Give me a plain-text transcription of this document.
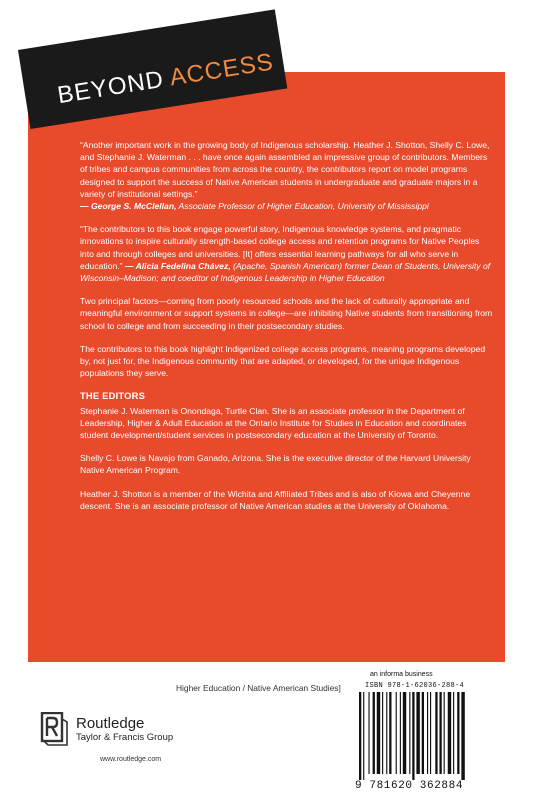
BEYOND ACCESS

“Another important work in the growing body of Indigenous scholarship. Heather J. Shotton, Shelly C. Lowe, and Stephanie J. Waterman . . . have once again assembled an impressive group of contributors. Members of tribes and campus communities from across the country, the contributors report on model programs designed to support the success of Native American students in undergraduate and graduate majors in a variety of institutional settings.”
— George S. McClellan, Associate Professor of Higher Education, University of Mississippi

“The contributors to this book engage powerful story, Indigenous knowledge systems, and pragmatic innovations to inspire culturally strength-based college access and retention programs for Native Peoples into and through colleges and universities. [It] offers essential learning pathways for all who serve in education.” — Alicia Fedelina Chávez, (Apache, Spanish American) former Dean of Students, University of Wisconsin–Madison; and coeditor of Indigenous Leadership in Higher Education

Two principal factors—coming from poorly resourced schools and the lack of culturally appropriate and meaningful environment or support systems in college—are inhibiting Native students from transitioning from school to college and from succeeding in their postsecondary studies.

The contributors to this book highlight Indigenized college access programs, meaning programs developed by, not just for, the Indigenous community that are adapted, or developed, for the unique Indigenous populations they serve.

THE EDITORS

Stephanie J. Waterman is Onondaga, Turtle Clan. She is an associate professor in the Department of Leadership, Higher & Adult Education at the Ontario Institute for Studies in Education and coordinates student development/student services in postsecondary education at the University of Toronto.

Shelly C. Lowe is Navajo from Ganado, Arizona. She is the executive director of the Harvard University Native American Program.

Heather J. Shotton is a member of the Wichita and Affiliated Tribes and is also of Kiowa and Cheyenne descent. She is an associate professor of Native American studies at the University of Oklahoma.

Higher Education / Native American Studies]
Routledge
Taylor & Francis Group
www.routledge.com
an informa business
ISBN 978-1-62036-288-4
9 781620 362884
